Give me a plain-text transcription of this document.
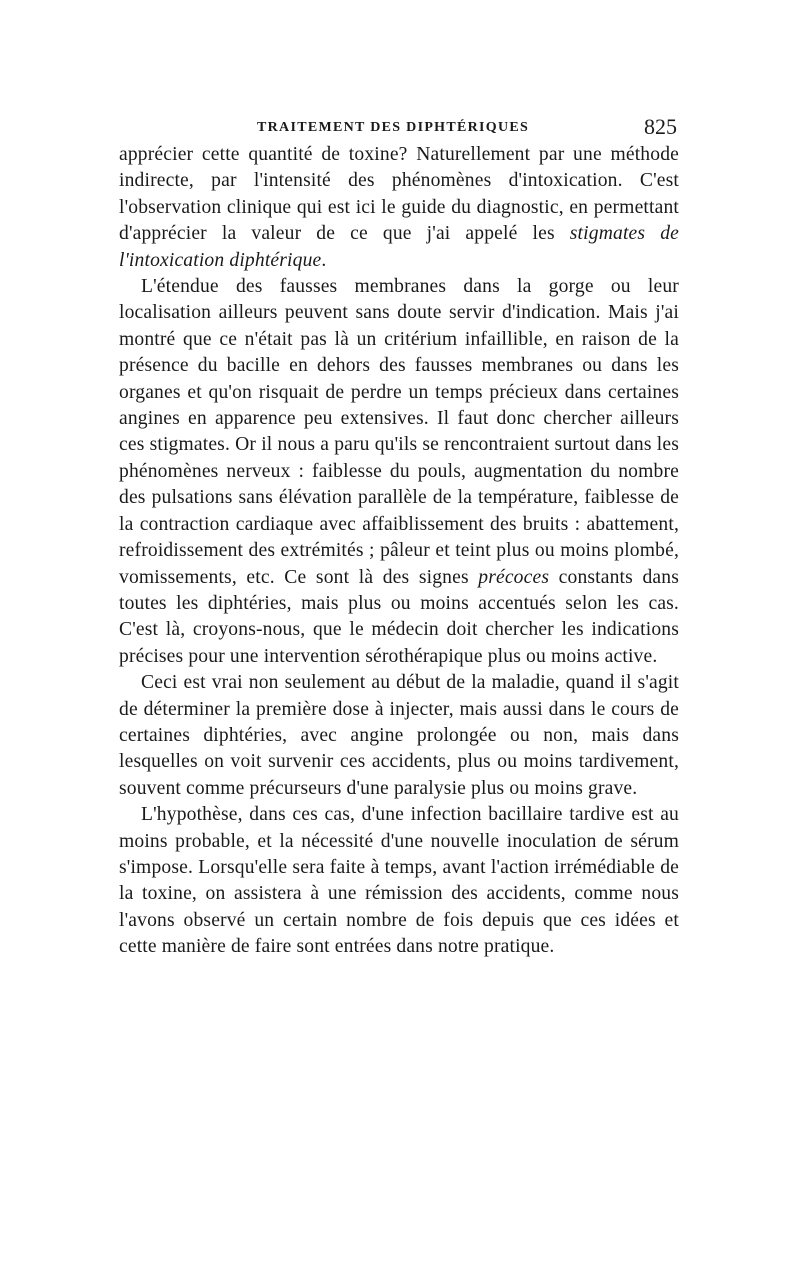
TRAITEMENT DES DIPHTÉRIQUES	825

apprécier cette quantité de toxine? Naturellement par une méthode indirecte, par l'intensité des phénomènes d'intoxication. C'est l'observation clinique qui est ici le guide du diagnostic, en permettant d'apprécier la valeur de ce que j'ai appelé les stigmates de l'intoxication diphtérique.

L'étendue des fausses membranes dans la gorge ou leur localisation ailleurs peuvent sans doute servir d'indication. Mais j'ai montré que ce n'était pas là un critérium infaillible, en raison de la présence du bacille en dehors des fausses membranes ou dans les organes et qu'on risquait de perdre un temps précieux dans certaines angines en apparence peu extensives. Il faut donc chercher ailleurs ces stigmates. Or il nous a paru qu'ils se rencontraient surtout dans les phénomènes nerveux : faiblesse du pouls, augmentation du nombre des pulsations sans élévation parallèle de la température, faiblesse de la contraction cardiaque avec affaiblissement des bruits : abattement, refroidissement des extrémités ; pâleur et teint plus ou moins plombé, vomissements, etc. Ce sont là des signes précoces constants dans toutes les diphtéries, mais plus ou moins accentués selon les cas. C'est là, croyons-nous, que le médecin doit chercher les indications précises pour une intervention sérothérapique plus ou moins active.

Ceci est vrai non seulement au début de la maladie, quand il s'agit de déterminer la première dose à injecter, mais aussi dans le cours de certaines diphtéries, avec angine prolongée ou non, mais dans lesquelles on voit survenir ces accidents, plus ou moins tardivement, souvent comme précurseurs d'une paralysie plus ou moins grave.

L'hypothèse, dans ces cas, d'une infection bacillaire tardive est au moins probable, et la nécessité d'une nouvelle inoculation de sérum s'impose. Lorsqu'elle sera faite à temps, avant l'action irrémédiable de la toxine, on assistera à une rémission des accidents, comme nous l'avons observé un certain nombre de fois depuis que ces idées et cette manière de faire sont entrées dans notre pratique.
